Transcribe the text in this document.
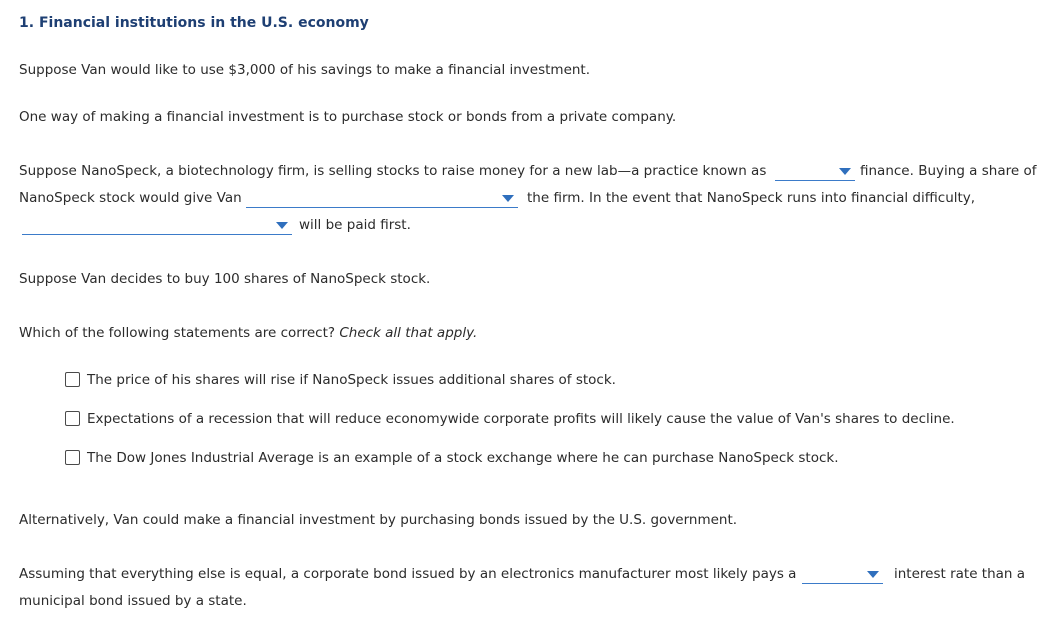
1. Financial institutions in the U.S. economy
Suppose Van would like to use $3,000 of his savings to make a financial investment.
One way of making a financial investment is to purchase stock or bonds from a private company.
Suppose NanoSpeck, a biotechnology firm, is selling stocks to raise money for a new lab—a practice known as	finance. Buying a share of
NanoSpeck stock would give Van	the firm. In the event that NanoSpeck runs into financial difficulty,
will be paid first.
Suppose Van decides to buy 100 shares of NanoSpeck stock.
Which of the following statements are correct? Check all that apply.
The price of his shares will rise if NanoSpeck issues additional shares of stock.
Expectations of a recession that will reduce economywide corporate profits will likely cause the value of Van's shares to decline.
The Dow Jones Industrial Average is an example of a stock exchange where he can purchase NanoSpeck stock.
Alternatively, Van could make a financial investment by purchasing bonds issued by the U.S. government.
Assuming that everything else is equal, a corporate bond issued by an electronics manufacturer most likely pays a	interest rate than a
municipal bond issued by a state.
